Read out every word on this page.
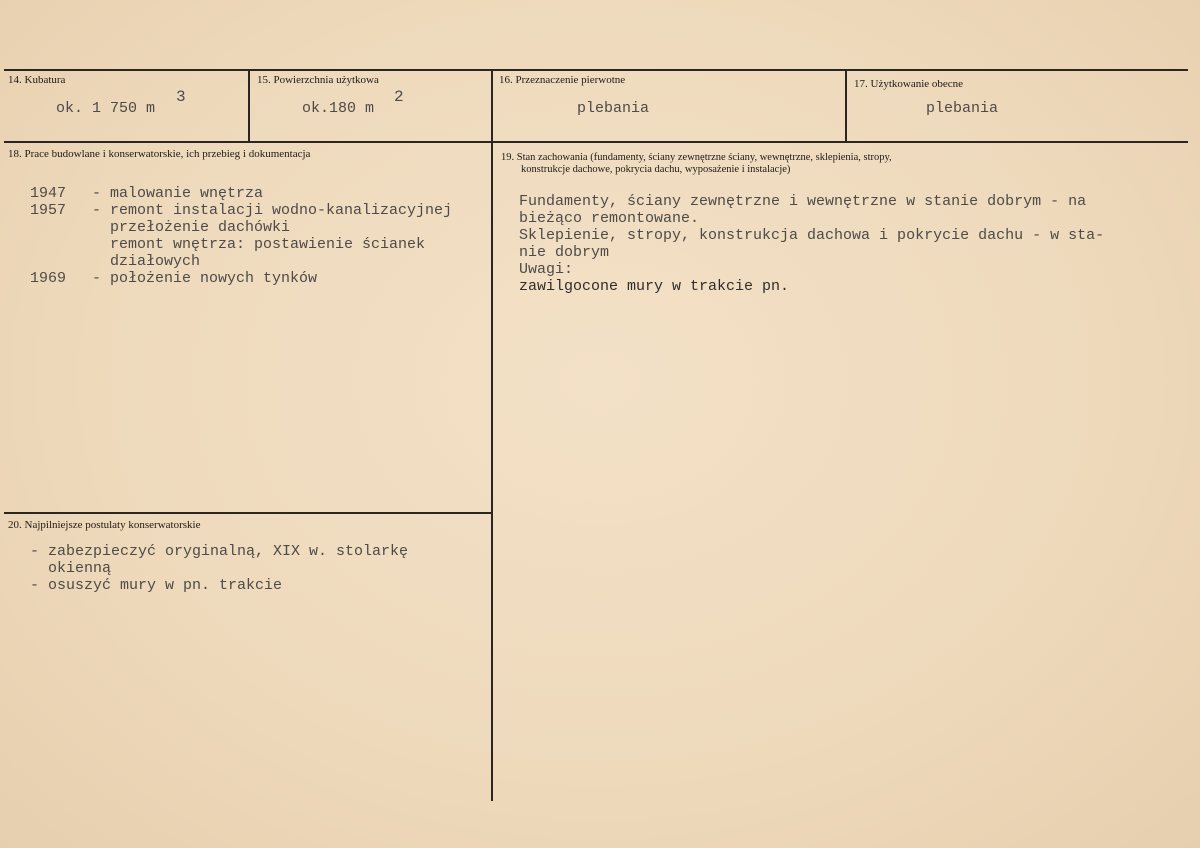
14. Kubatura
ok. 1 750 m
3
15. Powierzchnia użytkowa
ok.180 m
2
16. Przeznaczenie pierwotne
plebania
17. Użytkowanie obecne
plebania
18. Prace budowlane i konserwatorskie, ich przebieg i dokumentacja
1947 - malowanie wnętrza
1957 - remont instalacji wodno-kanalizacyjnej
przełożenie dachówki
remont wnętrza: postawienie ścianek
działowych
1969 - położenie nowych tynków
19. Stan zachowania (fundamenty, ściany zewnętrzne ściany, wewnętrzne, sklepienia, stropy,
konstrukcje dachowe, pokrycia dachu, wyposażenie i instalacje)
Fundamenty, ściany zewnętrzne i wewnętrzne w stanie dobrym - na
bieżąco remontowane.
Sklepienie, stropy, konstrukcja dachowa i pokrycie dachu - w sta-
nie dobrym
Uwagi:
zawilgocone mury w trakcie pn.
20. Najpilniejsze postulaty konserwatorskie
- zabezpieczyć oryginalną, XIX w. stolarkę
okienną
- osuszyć mury w pn. trakcie
